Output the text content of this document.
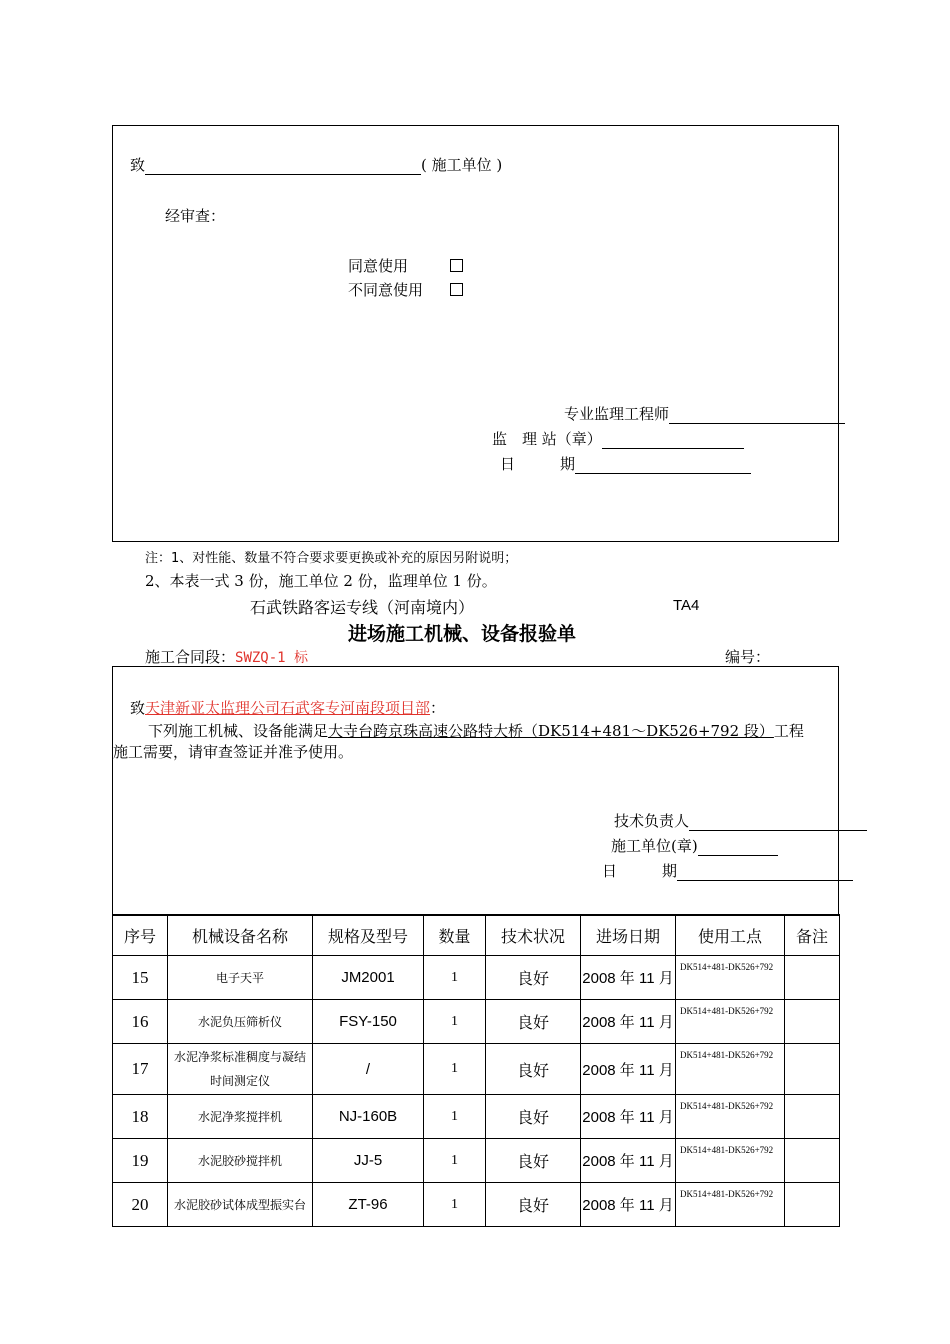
致	( 施工单位 )
经审查：
同意使用
不同意使用
专业监理工程师
监　理 站（章）
日　　　期
注：1、对性能、数量不符合要求要更换或补充的原因另附说明；
2、本表一式 3 份，施工单位 2 份，监理单位 1 份。
石武铁路客运专线（河南境内）	TA4
进场施工机械、设备报验单
施工合同段：SWZQ-1 标	编号：
致天津新亚太监理公司石武客专河南段项目部：
下列施工机械、设备能满足大寺台跨京珠高速公路特大桥（DK514+481～DK526+792 段）工程
施工需要，请审查签证并准予使用。
技术负责人
施工单位(章)
日　　　期
序号	机械设备名称	规格及型号	数量	技术状况	进场日期	使用工点	备注
15	电子天平	JM2001	1	良好	2008 年 11 月	DK514+481-DK526+792	
16	水泥负压筛析仪	FSY-150	1	良好	2008 年 11 月	DK514+481-DK526+792	
17	水泥净浆标准稠度与凝结时间测定仪	/	1	良好	2008 年 11 月	DK514+481-DK526+792	
18	水泥净浆搅拌机	NJ-160B	1	良好	2008 年 11 月	DK514+481-DK526+792	
19	水泥胶砂搅拌机	JJ-5	1	良好	2008 年 11 月	DK514+481-DK526+792	
20	水泥胶砂试体成型振实台	ZT-96	1	良好	2008 年 11 月	DK514+481-DK526+792	
